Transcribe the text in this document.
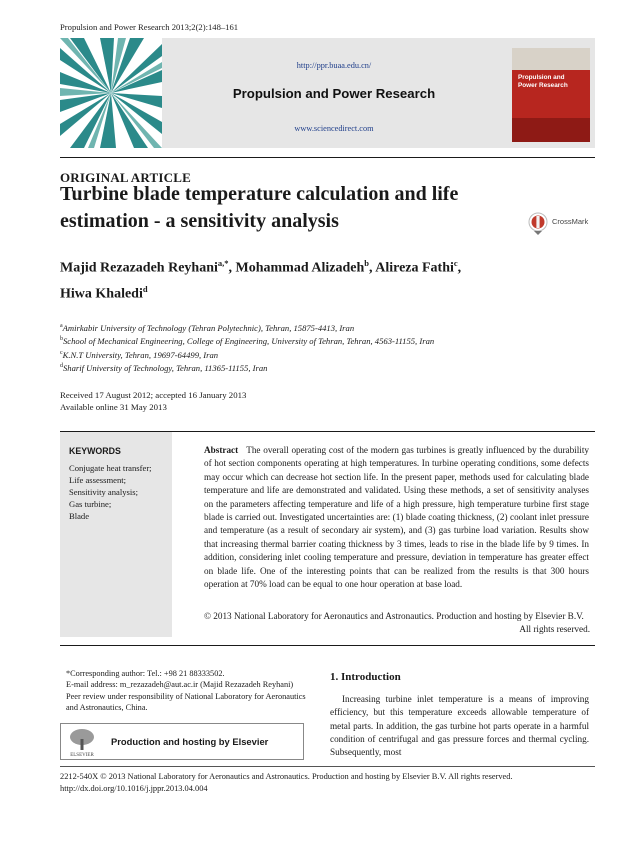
Propulsion and Power Research 2013;2(2):148–161
http://ppr.buaa.edu.cn/
Propulsion and Power Research
www.sciencedirect.com
Propulsion and Power Research
ORIGINAL ARTICLE
Turbine blade temperature calculation and life estimation - a sensitivity analysis	CrossMark
Majid Rezazadeh Reyhani$^{a,*}$, Mohammad Alizadeh$^b$, Alireza Fathi$^c$,
Hiwa Khaledi$^d$
$^a$Amirkabir University of Technology (Tehran Polytechnic), Tehran, 15875-4413, Iran
$^b$School of Mechanical Engineering, College of Engineering, University of Tehran, Tehran, 4563-11155, Iran
$^c$K.N.T University, Tehran, 19697-64499, Iran
$^d$Sharif University of Technology, Tehran, 11365-11155, Iran
Received 17 August 2012; accepted 16 January 2013
Available online 31 May 2013
KEYWORDS
Conjugate heat transfer;
Life assessment;
Sensitivity analysis;
Gas turbine;
Blade
Abstract The overall operating cost of the modern gas turbines is greatly influenced by the durability of hot section components operating at high temperatures. In turbine operating conditions, some defects may occur which can decrease hot section life. In the present paper, methods used for calculating blade temperature and life are demonstrated and validated. Using these methods, a set of sensitivity analyses on the parameters affecting temperature and life of a high pressure, high temperature turbine first stage blade is carried out. Investigated uncertainties are: (1) blade coating thickness, (2) coolant inlet pressure and temperature (as a result of secondary air system), and (3) gas turbine load variation. Results show that increasing thermal barrier coating thickness by 3 times, leads to rise in the blade life by 9 times. In addition, considering inlet cooling temperature and pressure, deviation in temperature has greater effect on blade life. One of the interesting points that can be realized from the results is that 300 hours operation at 70% load can be equal to one hour operation at base load.
© 2013 National Laboratory for Aeronautics and Astronautics. Production and hosting by Elsevier B.V.
All rights reserved.
*Corresponding author: Tel.: +98 21 88333502.
E-mail address: m_rezazadeh@aut.ac.ir (Majid Rezazadeh Reyhani)
Peer review under responsibility of National Laboratory for Aeronautics and Astronautics, China.
ELSEVIER
Production and hosting by Elsevier
1. Introduction
Increasing turbine inlet temperature is a means of improving efficiency, but this temperature exceeds allowable temperature of metal parts. In addition, the gas turbine hot parts operate in a harmful condition of centrifugal and gas pressure forces and thermal cycling. Subsequently, most
2212-540X © 2013 National Laboratory for Aeronautics and Astronautics. Production and hosting by Elsevier B.V. All rights reserved.
http://dx.doi.org/10.1016/j.jppr.2013.04.004
